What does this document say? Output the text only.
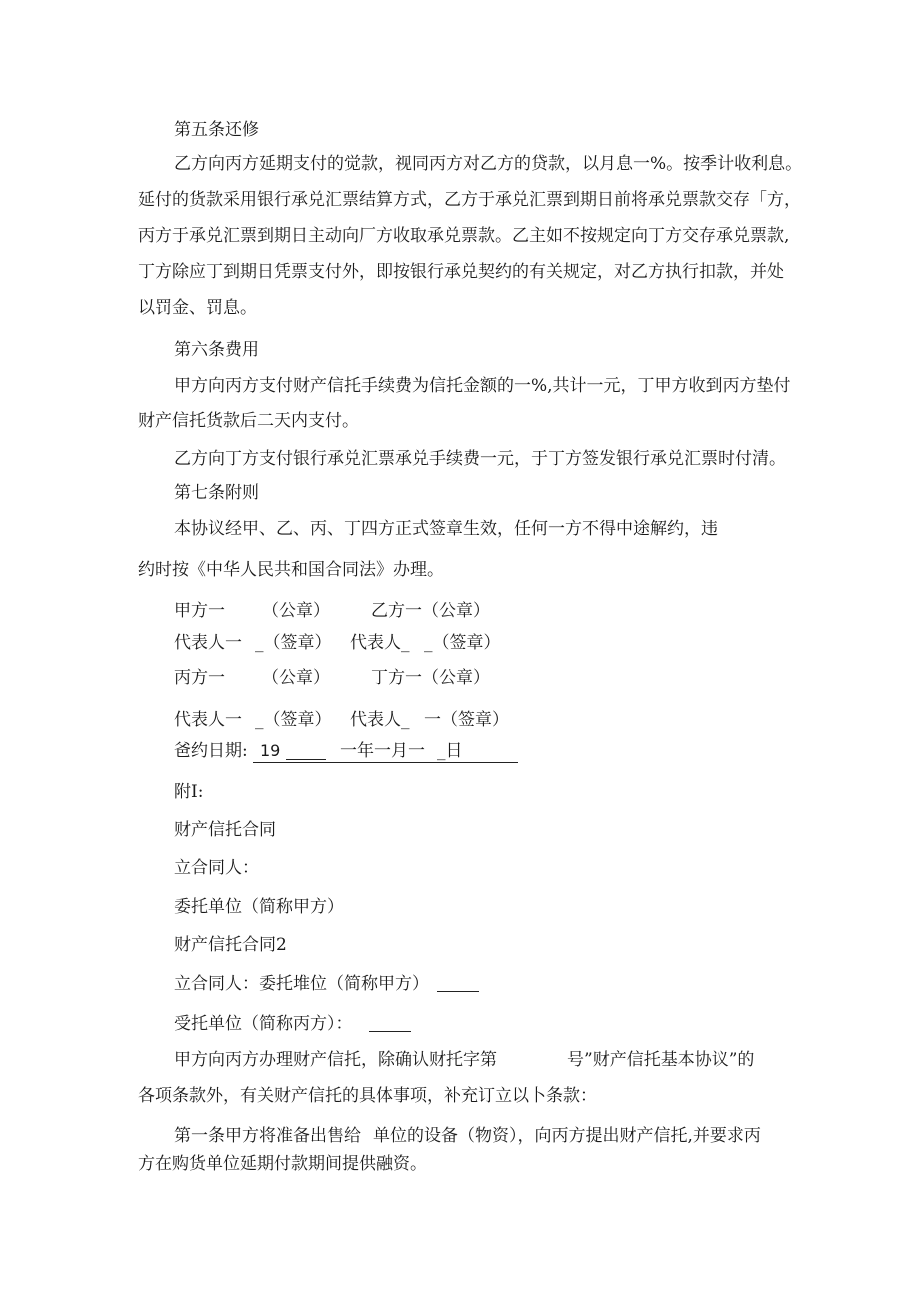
第五条还修
乙方向丙方延期支付的觉款，视同丙方对乙方的贷款，以月息一%。按季计收利息。
延付的货款采用银行承兑汇票结算方式，乙方于承兑汇票到期日前将承兑票款交存「方，
丙方于承兑汇票到期日主动向厂方收取承兑票款。乙主如不按规定向丁方交存承兑票款,
丁方除应丁到期日凭票支付外，即按银行承兑契约的有关规定，对乙方执行扣款，并处
以罚金、罚息。
第六条费用
甲方向丙方支付财产信托手续费为信托金额的一%,共计一元，丁甲方收到丙方垫付
财产信托货款后二天内支付。
乙方向丁方支付银行承兑汇票承兑手续费一元，于丁方签发银行承兑汇票时付清。
第七条附则
本协议经甲、乙、丙、丁四方正式签章生效，任何一方不得中途解约，违
约时按《中华人民共和国合同法》办理。
甲方一 （公章） 乙方一（公章）
代表人一 _（签章） 代表人_ _（签章）
丙方一 （公章） 丁方一（公章）
代表人一 _（签章） 代表人_ 一（签章）
爸约日期: 19	一年一月一 _日
附I:
财产信托合同
立合同人：
委托单位（简称甲方）
财产信托合同2
立合同人：委托堆位（简称甲方）
受托单位（简称丙方）：
甲方向丙方办理财产信托，除确认财托字第	号”财产信托基本协议”的
各项条款外，有关财产信托的具体事项，补充订立以卜条款：
第一条甲方将准备出售给 单位的设备（物资），向丙方提出财产信托,并要求丙
方在购货单位延期付款期间提供融资。
